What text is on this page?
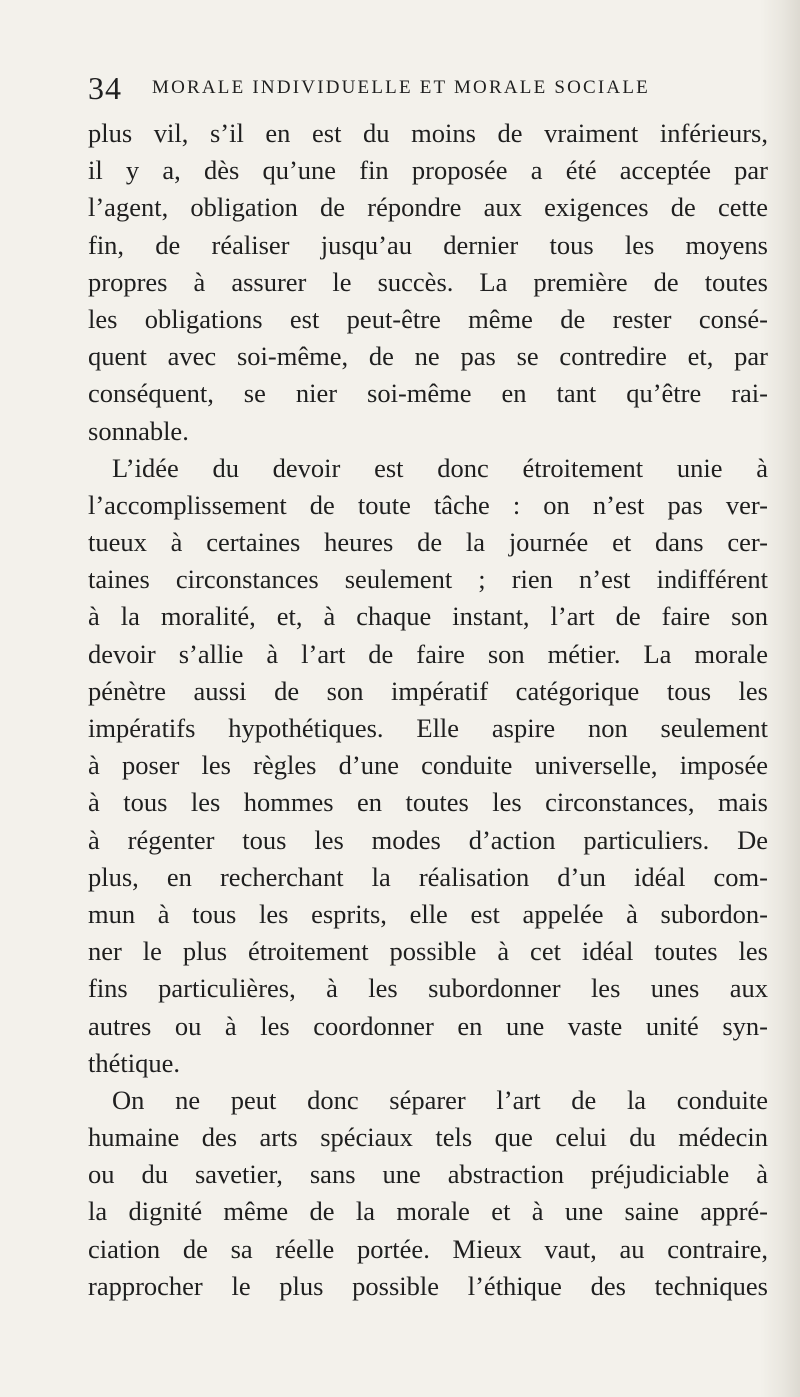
34 MORALE INDIVIDUELLE ET MORALE SOCIALE
plus vil, s’il en est du moins de vraiment inférieurs,
il y a, dès qu’une fin proposée a été acceptée par
l’agent, obligation de répondre aux exigences de cette
fin, de réaliser jusqu’au dernier tous les moyens
propres à assurer le succès. La première de toutes
les obligations est peut-être même de rester consé-
quent avec soi-même, de ne pas se contredire et, par
conséquent, se nier soi-même en tant qu’être rai-
sonnable.
L’idée du devoir est donc étroitement unie à
l’accomplissement de toute tâche : on n’est pas ver-
tueux à certaines heures de la journée et dans cer-
taines circonstances seulement ; rien n’est indifférent
à la moralité, et, à chaque instant, l’art de faire son
devoir s’allie à l’art de faire son métier. La morale
pénètre aussi de son impératif catégorique tous les
impératifs hypothétiques. Elle aspire non seulement
à poser les règles d’une conduite universelle, imposée
à tous les hommes en toutes les circonstances, mais
à régenter tous les modes d’action particuliers. De
plus, en recherchant la réalisation d’un idéal com-
mun à tous les esprits, elle est appelée à subordon-
ner le plus étroitement possible à cet idéal toutes les
fins particulières, à les subordonner les unes aux
autres ou à les coordonner en une vaste unité syn-
thétique.
On ne peut donc séparer l’art de la conduite
humaine des arts spéciaux tels que celui du médecin
ou du savetier, sans une abstraction préjudiciable à
la dignité même de la morale et à une saine appré-
ciation de sa réelle portée. Mieux vaut, au contraire,
rapprocher le plus possible l’éthique des techniques
